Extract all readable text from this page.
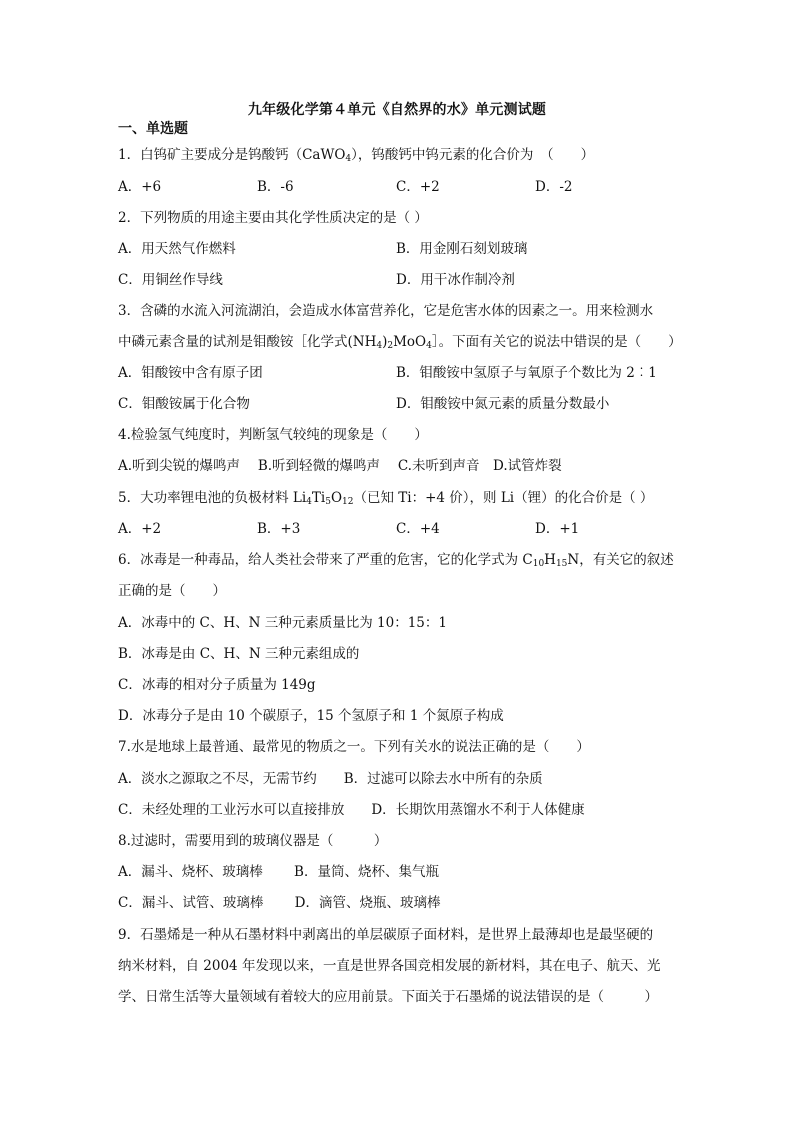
九年级化学第４单元《自然界的水》单元测试题
一、单选题
1．白钨矿主要成分是钨酸钙（CaWO$_4$），钨酸钙中钨元素的化合价为　（　　）
A．+6	B．-6	C．+2	D．-2
2．下列物质的用途主要由其化学性质决定的是（ ）
A．用天然气作燃料	B．用金刚石刻划玻璃
C．用铜丝作导线	D．用干冰作制冷剂
3．含磷的水流入河流湖泊，会造成水体富营养化，它是危害水体的因素之一。用来检测水
中磷元素含量的试剂是钼酸铵［化学式$(NH_4)_2MoO_4]$。下面有关它的说法中错误的是（　　）
A．钼酸铵中含有原子团	B．钼酸铵中氢原子与氧原子个数比为 2︰1
C．钼酸铵属于化合物	D．钼酸铵中氮元素的质量分数最小
4.检验氢气纯度时，判断氢气较纯的现象是（　　）
A.听到尖锐的爆鸣声　 B.听到轻微的爆鸣声　 C.未听到声音　D.试管炸裂
5．大功率锂电池的负极材料 $Li_4Ti_5O_{12}$（已知 Ti：+4 价），则 Li（锂）的化合价是（ ）
A．+2	B．+3	C．+4	D．+1
6．冰毒是一种毒品，给人类社会带来了严重的危害，它的化学式为 $C_{10}H_{15}N$，有关它的叙述
正确的是（　　）
A．冰毒中的 C、H、N 三种元素质量比为 10：15：1
B．冰毒是由 C、H、N 三种元素组成的
C．冰毒的相对分子质量为 149g
D．冰毒分子是由 10 个碳原子，15 个氢原子和 1 个氮原子构成
7.水是地球上最普通、最常见的物质之一。下列有关水的说法正确的是（　　）
A．淡水之源取之不尽，无需节约　　B．过滤可以除去水中所有的杂质
C．未经处理的工业污水可以直接排放　　D．长期饮用蒸馏水不利于人体健康
8.过滤时，需要用到的玻璃仪器是（　　　）
A．漏斗、烧杯、玻璃棒　　 B．量筒、烧杯、集气瓶
C．漏斗、试管、玻璃棒　　 D．滴管、烧瓶、玻璃棒
9．石墨烯是一种从石墨材料中剥离出的单层碳原子面材料，是世界上最薄却也是最坚硬的
纳米材料，自 2004 年发现以来，一直是世界各国竞相发展的新材料，其在电子、航天、光
学、日常生活等大量领域有着较大的应用前景。下面关于石墨烯的说法错误的是（　　　）
